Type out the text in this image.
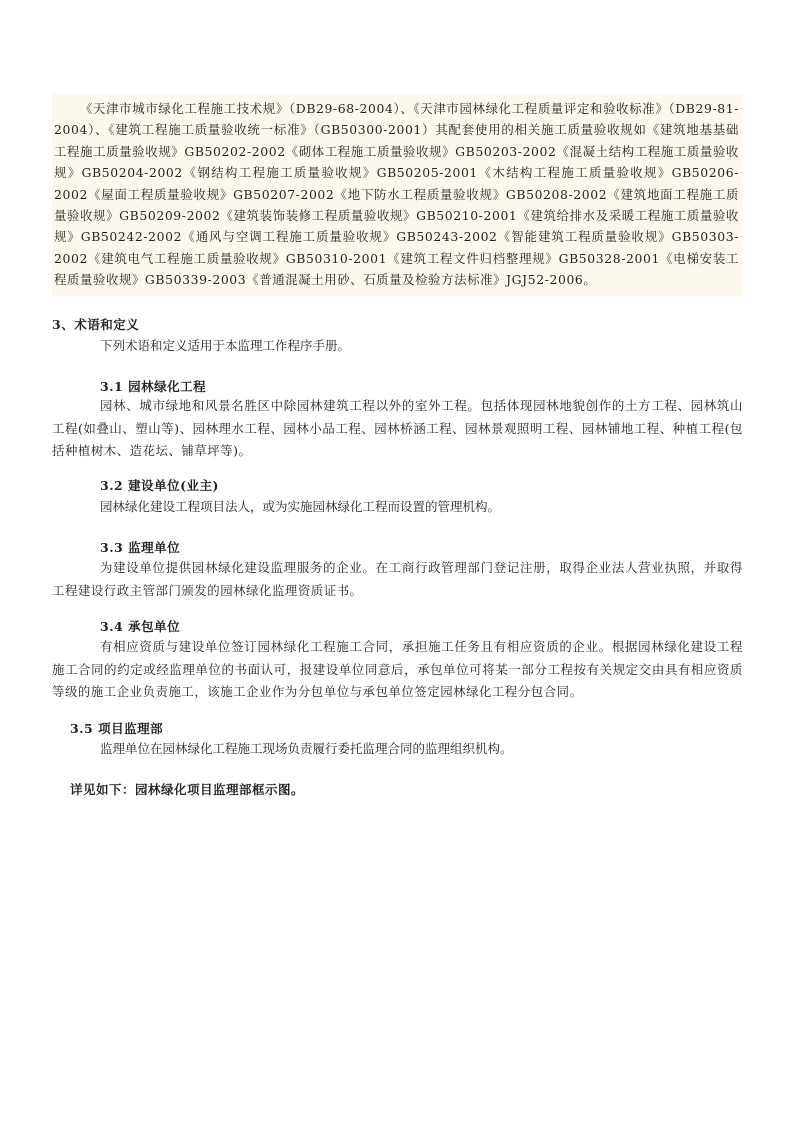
《天津市城市绿化工程施工技术规》（DB29-68-2004）、《天津市园林绿化工程质量评定和验收标准》（DB29-81-2004）、《建筑工程施工质量验收统一标准》（GB50300-2001）其配套使用的相关施工质量验收规如《建筑地基基础工程施工质量验收规》GB50202-2002《砌体工程施工质量验收规》GB50203-2002《混凝土结构工程施工质量验收规》GB50204-2002《钢结构工程施工质量验收规》GB50205-2001《木结构工程施工质量验收规》GB50206-2002《屋面工程质量验收规》GB50207-2002《地下防水工程质量验收规》GB50208-2002《建筑地面工程施工质量验收规》GB50209-2002《建筑装饰装修工程质量验收规》GB50210-2001《建筑给排水及采暖工程施工质量验收规》GB50242-2002《通风与空调工程施工质量验收规》GB50243-2002《智能建筑工程质量验收规》GB50303-2002《建筑电气工程施工质量验收规》GB50310-2001《建筑工程文件归档整理规》GB50328-2001《电梯安装工程质量验收规》GB50339-2003《普通混凝土用砂、石质量及检验方法标准》JGJ52-2006。

3、术语和定义
下列术语和定义适用于本监理工作程序手册。
3.1 园林绿化工程
园林、城市绿地和风景名胜区中除园林建筑工程以外的室外工程。包括体现园林地貌创作的土方工程、园林筑山工程(如叠山、塑山等)、园林理水工程、园林小品工程、园林桥涵工程、园林景观照明工程、园林铺地工程、种植工程(包括种植树木、造花坛、铺草坪等)。
3.2 建设单位(业主)
园林绿化建设工程项目法人，或为实施园林绿化工程而设置的管理机构。
3.3 监理单位
为建设单位提供园林绿化建设监理服务的企业。在工商行政管理部门登记注册，取得企业法人营业执照，并取得工程建设行政主管部门颁发的园林绿化监理资质证书。
3.4 承包单位
有相应资质与建设单位签订园林绿化工程施工合同，承担施工任务且有相应资质的企业。根据园林绿化建设工程施工合同的约定或经监理单位的书面认可，报建设单位同意后，承包单位可将某一部分工程按有关规定交由具有相应资质等级的施工企业负责施工，该施工企业作为分包单位与承包单位签定园林绿化工程分包合同。
3.5 项目监理部
监理单位在园林绿化工程施工现场负责履行委托监理合同的监理组织机构。
详见如下：园林绿化项目监理部框示图。
